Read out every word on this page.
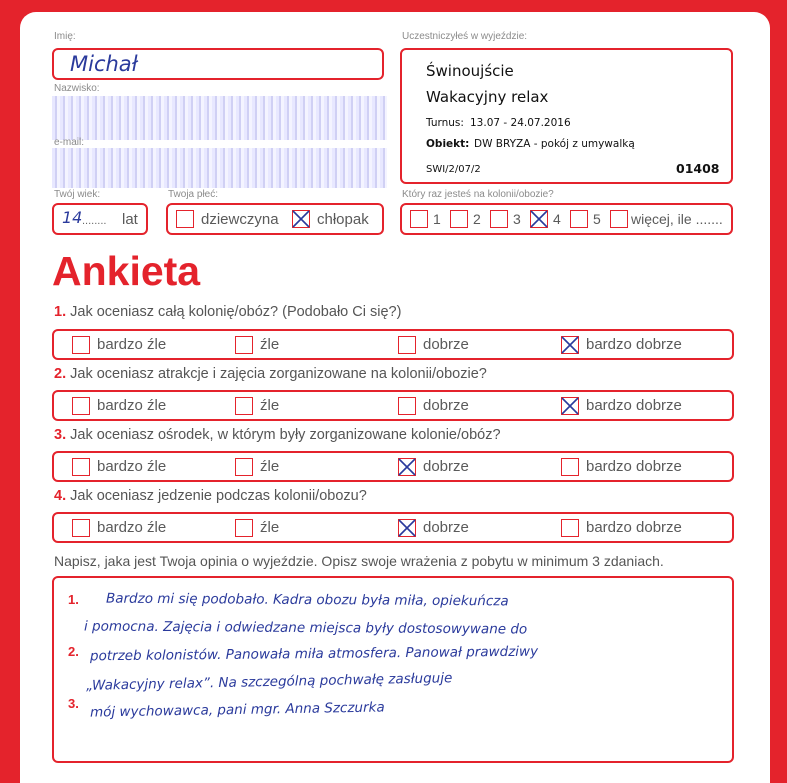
Imię:
Michał
Nazwisko:
e-mail:
Twój wiek:
14 ........ lat
Twoja płeć:
dziewczyna	chłopak
Uczestniczyłeś w wyjeździe:
Świnoujście
Wakacyjny relax
Turnus: 13.07 - 24.07.2016
Obiekt: DW BRYZA - pokój z umywalką
SWI/2/07/2	01408
Który raz jesteś na kolonii/obozie?
1 2 3 4 5 więcej, ile .......
Ankieta
1. Jak oceniasz całą kolonię/obóz? (Podobało Ci się?)
bardzo źle	źle	dobrze	bardzo dobrze
2. Jak oceniasz atrakcje i zajęcia zorganizowane na kolonii/obozie?
bardzo źle	źle	dobrze	bardzo dobrze
3. Jak oceniasz ośrodek, w którym były zorganizowane kolonie/obóz?
bardzo źle	źle	dobrze	bardzo dobrze
4. Jak oceniasz jedzenie podczas kolonii/obozu?
bardzo źle	źle	dobrze	bardzo dobrze
Napisz, jaka jest Twoja opinia o wyjeździe. Opisz swoje wrażenia z pobytu w minimum 3 zdaniach.
1.
2.
3.
Bardzo mi się podobało. Kadra obozu była miła, opiekuńcza
i pomocna. Zajęcia i odwiedzane miejsca były dostosowywane do
potrzeb kolonistów. Panowała miła atmosfera. Panował prawdziwy
„Wakacyjny relax”. Na szczególną pochwałę zasługuje
mój wychowawca, pani mgr. Anna Szczurka
